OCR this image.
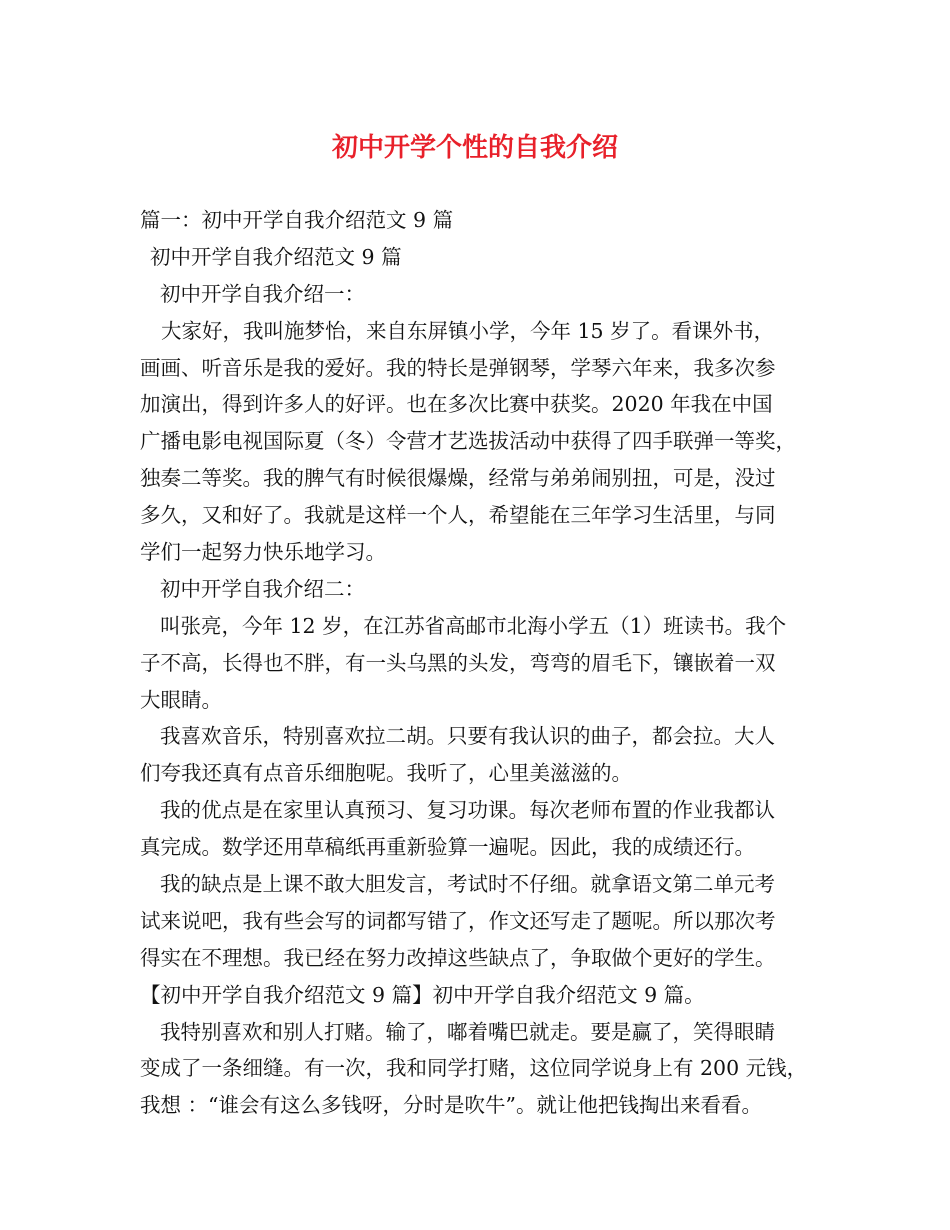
初中开学个性的自我介绍

篇一：初中开学自我介绍范文 9 篇

初中开学自我介绍范文 9 篇

初中开学自我介绍一：

大家好，我叫施梦怡，来自东屏镇小学，今年 15 岁了。看课外书，

画画、听音乐是我的爱好。我的特长是弹钢琴，学琴六年来，我多次参

加演出，得到许多人的好评。也在多次比赛中获奖。2020 年我在中国

广播电影电视国际夏（冬）令营才艺选拔活动中获得了四手联弹一等奖，

独奏二等奖。我的脾气有时候很爆燥，经常与弟弟闹别扭，可是，没过

多久，又和好了。我就是这样一个人，希望能在三年学习生活里，与同

学们一起努力快乐地学习。

初中开学自我介绍二：

叫张亮，今年 12 岁，在江苏省高邮市北海小学五（1）班读书。我个

子不高，长得也不胖，有一头乌黑的头发，弯弯的眉毛下，镶嵌着一双

大眼睛。

我喜欢音乐，特别喜欢拉二胡。只要有我认识的曲子，都会拉。大人

们夸我还真有点音乐细胞呢。我听了，心里美滋滋的。

我的优点是在家里认真预习、复习功课。每次老师布置的作业我都认

真完成。数学还用草稿纸再重新验算一遍呢。因此，我的成绩还行。

我的缺点是上课不敢大胆发言，考试时不仔细。就拿语文第二单元考

试来说吧，我有些会写的词都写错了，作文还写走了题呢。所以那次考

得实在不理想。我已经在努力改掉这些缺点了，争取做个更好的学生。

【初中开学自我介绍范文 9 篇】初中开学自我介绍范文 9 篇。

我特别喜欢和别人打赌。输了，嘟着嘴巴就走。要是赢了，笑得眼睛

变成了一条细缝。有一次，我和同学打赌，这位同学说身上有 200 元钱，

我想 ：“谁会有这么多钱呀，分时是吹牛”。就让他把钱掏出来看看。
